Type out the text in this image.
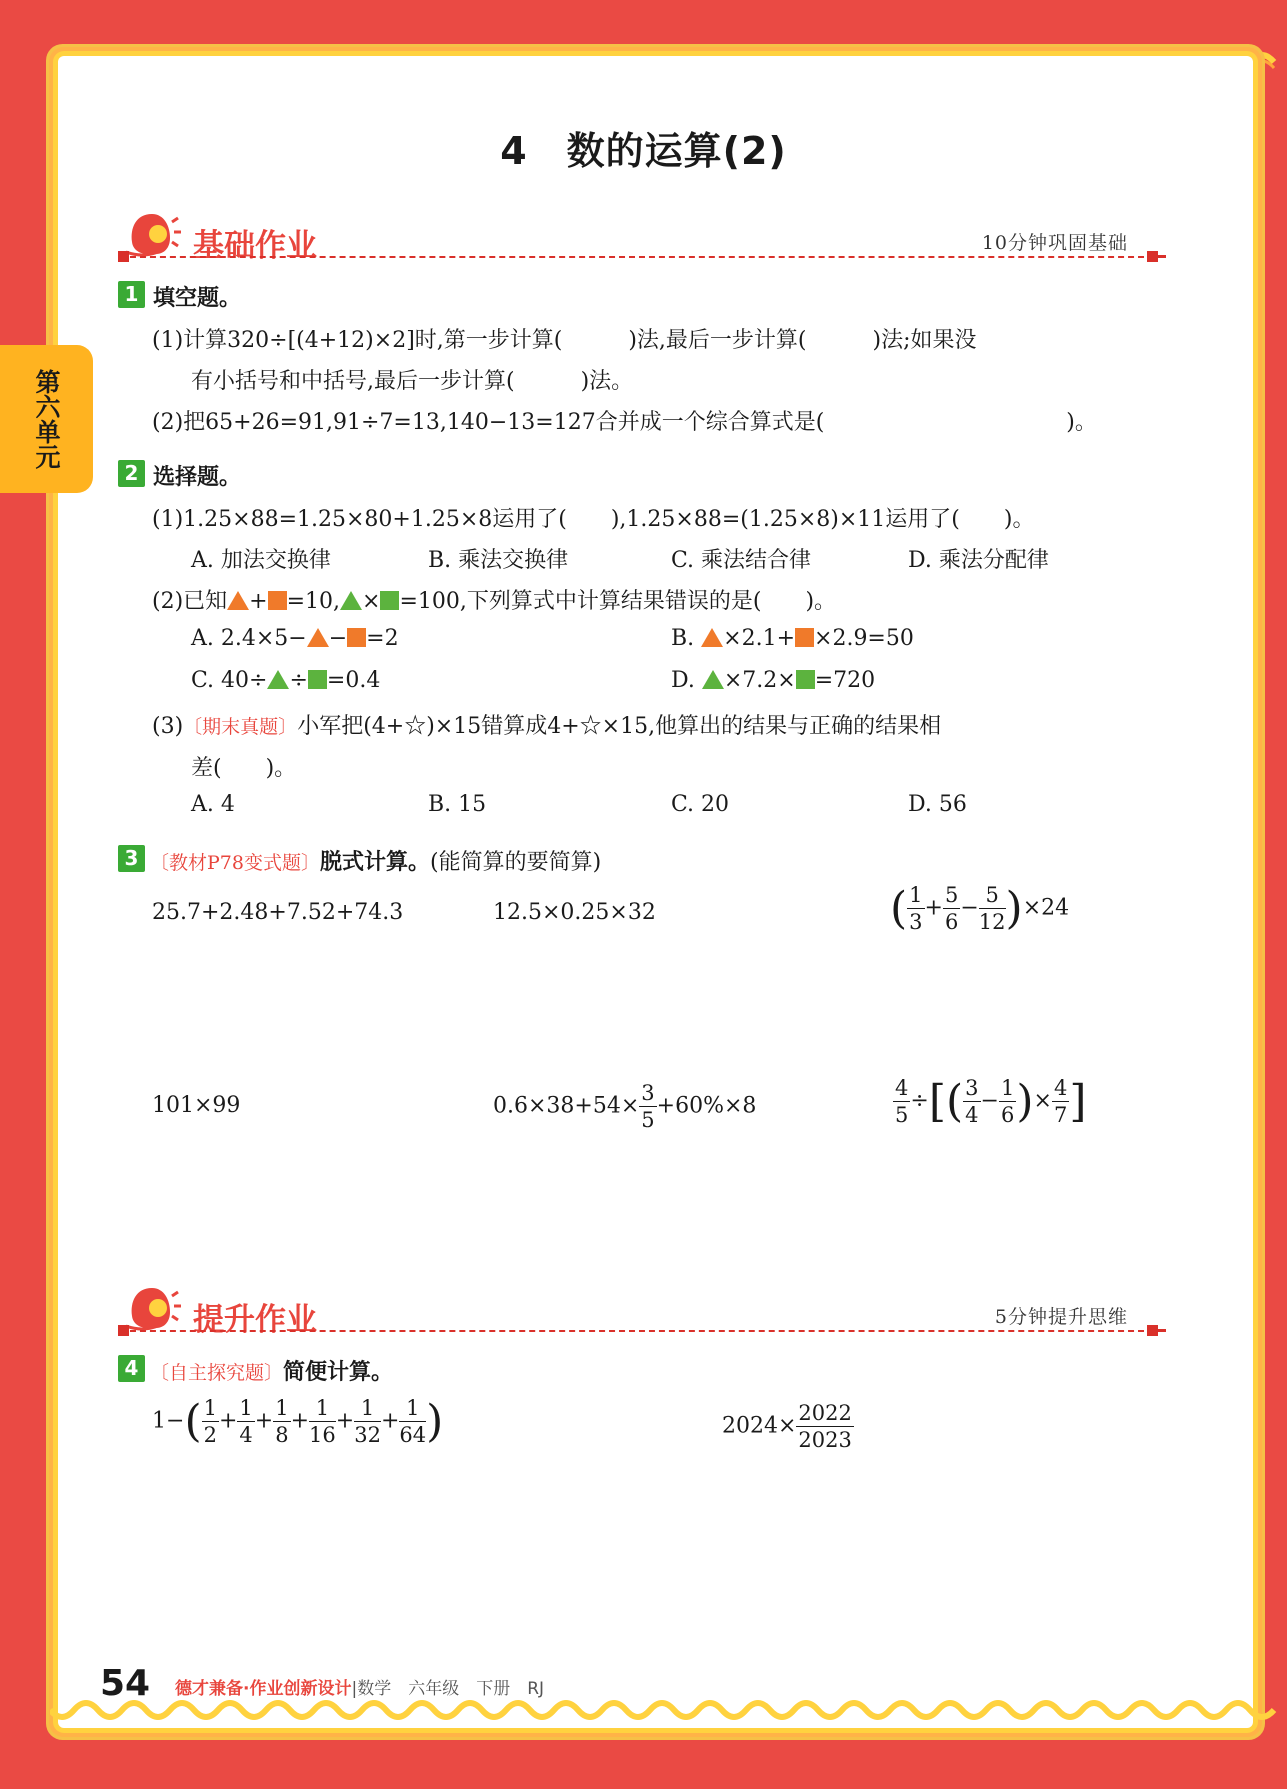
第六单元
4　数的运算(2)
基础作业	10分钟巩固基础
1 填空题。
(1)计算320÷[(4+12)×2]时,第一步计算(　　　)法,最后一步计算(　　　)法;如果没
有小括号和中括号,最后一步计算(　　　)法。
(2)把65+26=91,91÷7=13,140−13=127合并成一个综合算式是(　　　　　　　　　　　)。
2 选择题。
(1)1.25×88=1.25×80+1.25×8运用了(　　),1.25×88=(1.25×8)×11运用了(　　)。
A. 加法交换律	B. 乘法交换律	C. 乘法结合律	D. 乘法分配律
(2)已知 + =10, × =100,下列算式中计算结果错误的是(　　)。
A. 2.4×5− − =2	B. ×2.1+ ×2.9=50
C. 40÷ ÷ =0.4	D. ×7.2× =720
(3)〔期末真题〕小军把(4+☆)×15错算成4+☆×15,他算出的结果与正确的结果相
差(　　)。
A. 4	B. 15	C. 20	D. 56
3 〔教材P78变式题〕脱式计算。(能简算的要简算)
25.7+2.48+7.52+74.3	12.5×0.25×32	( $\frac{1}{3} + \frac{5}{6} - \frac{5}{12} )\times 24$
101×99	$0.6\times 38+54\times \frac{3}{5} +60\%\times 8$	$\frac{4}{5}$ ÷[( $\frac{3}{4} - \frac{1}{6}$ )× $\frac{4}{7}$ ]
提升作业	5分钟提升思维
4 〔自主探究题〕简便计算。
$1-( \frac{1}{2} + \frac{1}{4} + \frac{1}{8} + \frac{1}{16} + \frac{1}{32} + \frac{1}{64}$ )	$2024\times \frac{2022}{2023}$
54 德才兼备·作业创新设计|数学　六年级　下册　RJ
